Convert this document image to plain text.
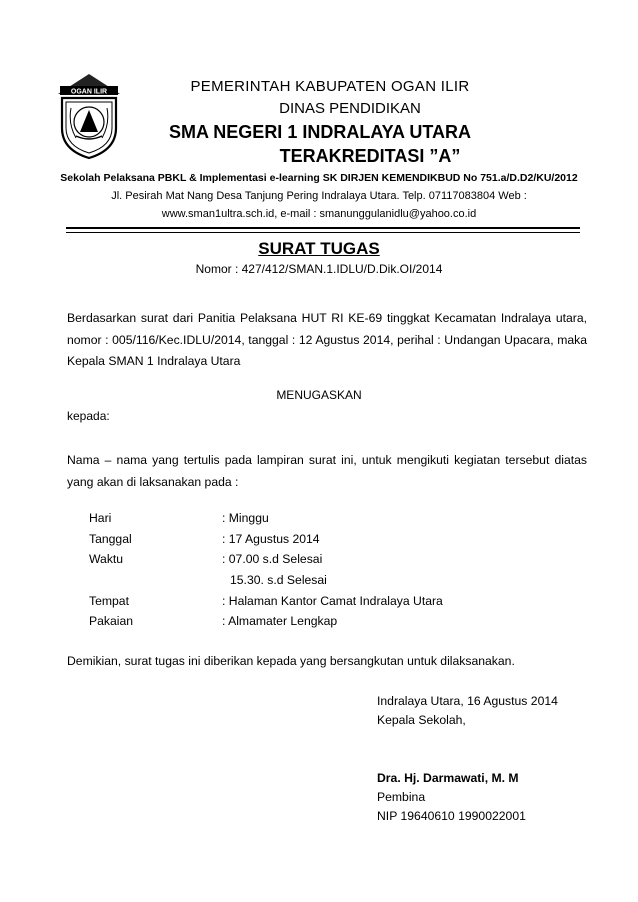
OGAN ILIR	PEMERINTAH KABUPATEN OGAN ILIR
DINAS PENDIDIKAN
SMA NEGERI 1 INDRALAYA UTARA
TERAKREDITASI ”A”
Sekolah Pelaksana PBKL & Implementasi e-learning SK DIRJEN KEMENDIKBUD No 751.a/D.D2/KU/2012
Jl. Pesirah Mat Nang Desa Tanjung Pering Indralaya Utara. Telp. 07117083804 Web :
www.sman1ultra.sch.id, e-mail : smanunggulanidlu@yahoo.co.id
SURAT TUGAS
Nomor : 427/412/SMAN.1.IDLU/D.Dik.OI/2014
Berdasarkan surat dari Panitia Pelaksana HUT RI KE-69 tinggkat Kecamatan Indralaya utara, nomor : 005/116/Kec.IDLU/2014, tanggal : 12 Agustus 2014, perihal : Undangan Upacara, maka Kepala SMAN 1 Indralaya Utara
MENUGASKAN
kepada:
Nama – nama yang tertulis pada lampiran surat ini, untuk mengikuti kegiatan tersebut diatas yang akan di laksanakan pada :
Hari	: Minggu
Tanggal	: 17 Agustus 2014
Waktu	: 07.00 s.d Selesai
15.30. s.d Selesai
Tempat	: Halaman Kantor Camat Indralaya Utara
Pakaian	: Almamater Lengkap
Demikian, surat tugas ini diberikan kepada yang bersangkutan untuk dilaksanakan.
Indralaya Utara, 16 Agustus 2014
Kepala Sekolah,
Dra. Hj. Darmawati, M. M
Pembina
NIP 19640610 1990022001
